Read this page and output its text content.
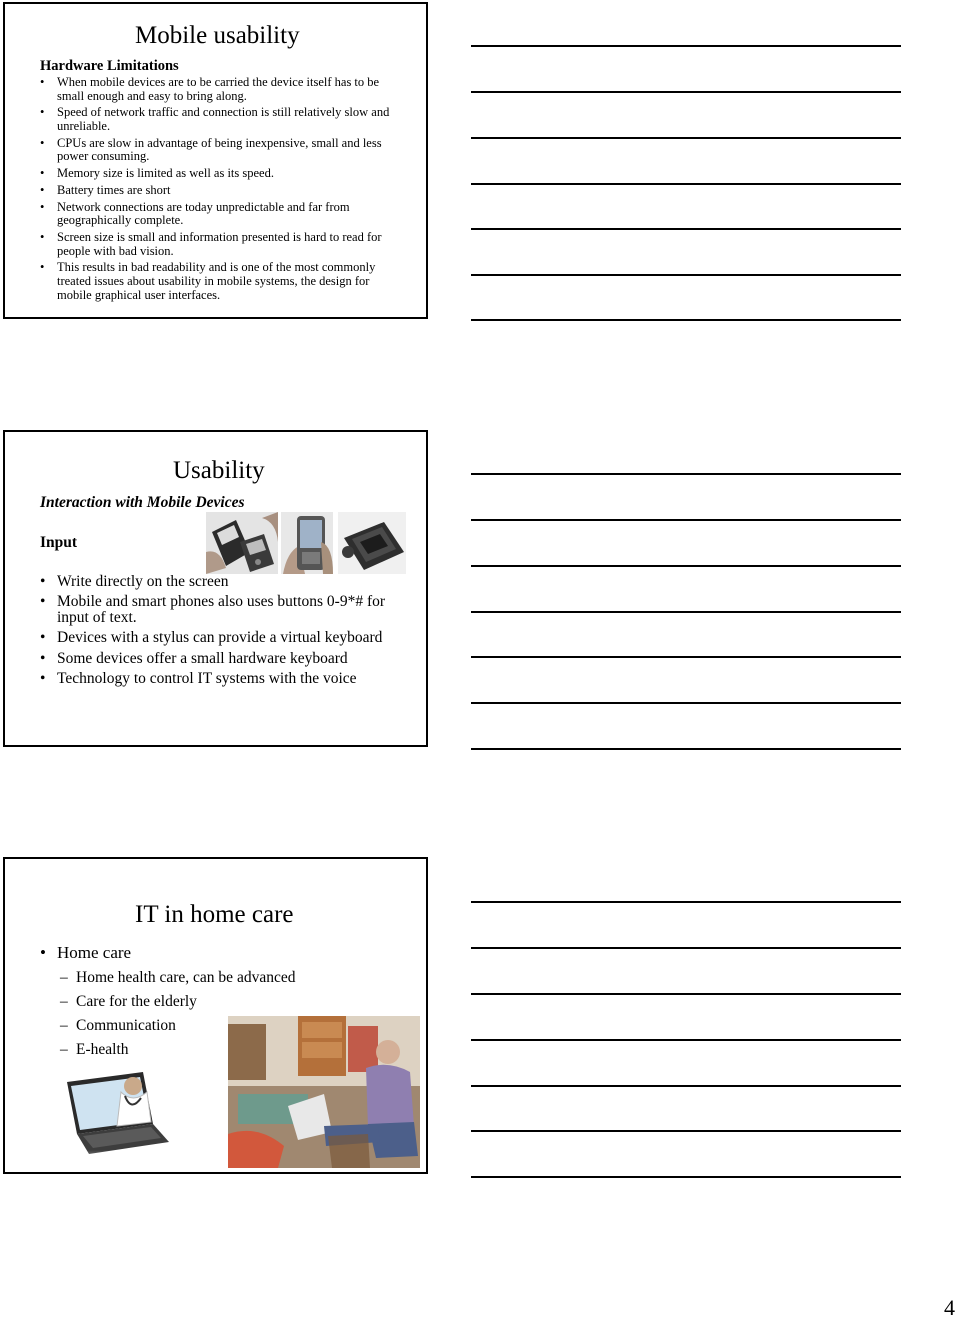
Mobile usability
Hardware Limitations
• When mobile devices are to be carried the device itself has to be small enough and easy to bring along.
• Speed of network traffic and connection is still relatively slow and unreliable.
• CPUs are slow in advantage of being inexpensive, small and less power consuming.
• Memory size is limited as well as its speed.
• Battery times are short
• Network connections are today unpredictable and far from geographically complete.
• Screen size is small and information presented is hard to read for people with bad vision.
• This results in bad readability and is one of the most commonly treated issues about usability in mobile systems, the design for mobile graphical user interfaces.
Usability
Interaction with Mobile Devices
Input
• Write directly on the screen
• Mobile and smart phones also uses buttons 0-9*# for input of text.
• Devices with a stylus can provide a virtual keyboard
• Some devices offer a small hardware keyboard
• Technology to control IT systems with the voice
IT in home care
• Home care
– Home health care, can be advanced
– Care for the elderly
– Communication
– E-health
4
